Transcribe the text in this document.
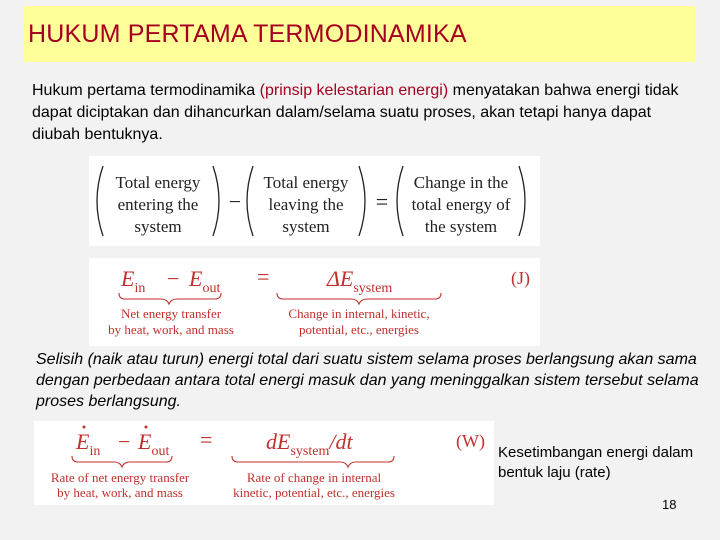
HUKUM PERTAMA TERMODINAMIKA

Hukum pertama termodinamika (prinsip kelestarian energi) menyatakan bahwa energi tidak dapat diciptakan dan dihancurkan dalam/selama suatu proses, akan tetapi hanya dapat diubah bentuknya.

Total energy
entering the
system
−
Total energy
leaving the
system
=
Change in the
total energy of
the system
$E_{in} - E_{out}$ =	$\Delta E_{system}$
(J)
Net energy transfer
by heat, work, and mass
Change in internal, kinetic,
potential, etc., energies

Selisih (naik atau turun) energi total dari suatu sistem selama proses berlangsung akan sama dengan perbedaan antara total energi masuk dan yang meninggalkan sistem tersebut selama proses berlangsung.

$E_{in} - E_{out} = dE_{system}/dt$	(W)
Rate of net energy transfer
by heat, work, and mass
Rate of change in internal
kinetic, potential, etc., energies

Kesetimbangan energi dalam bentuk laju (rate)

18
